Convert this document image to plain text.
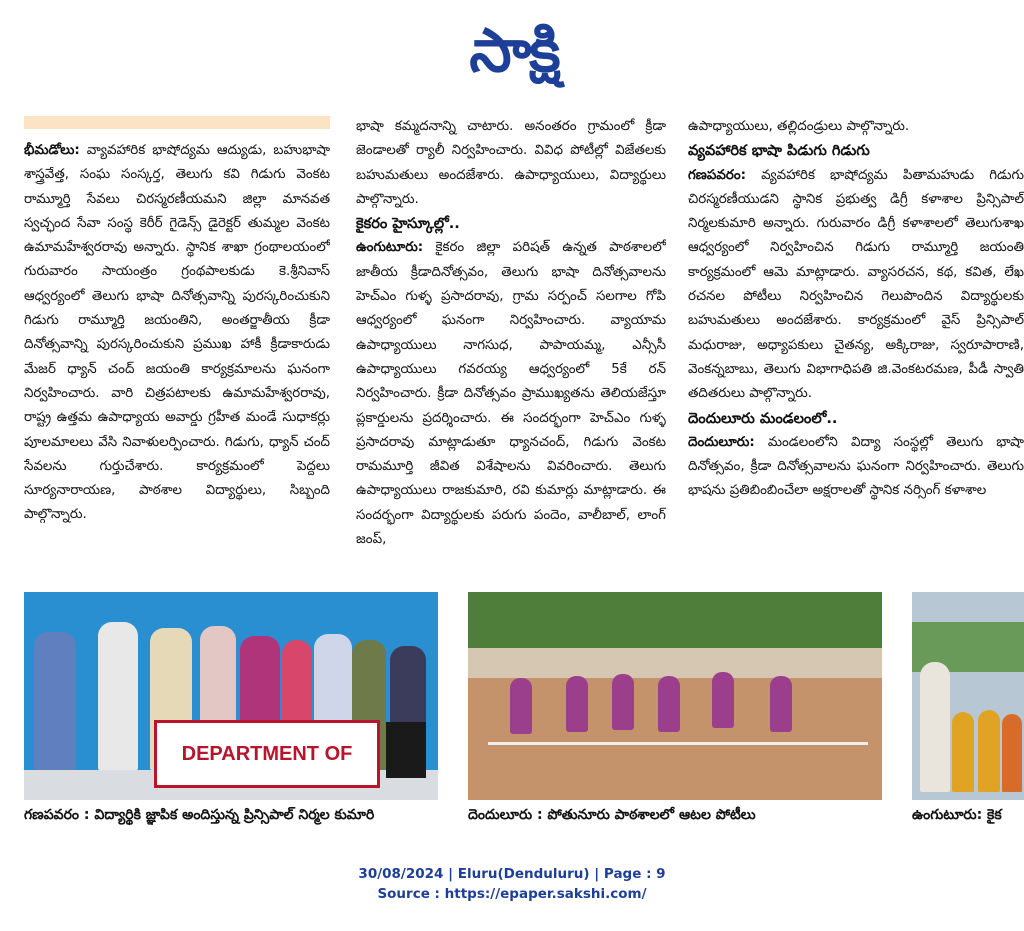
సాక్షి

భీమడోలు: వ్యావహారిక భాషోద్యమ ఆద్యుడు, బహుభాషా శాస్త్రవేత్త, సంఘ సంస్కర్త, తెలుగు కవి గిడుగు వెంకట రామ్మూర్తి సేవలు చిరస్మరణీయమని జిల్లా మానవత స్వచ్ఛంద సేవా సంస్థ కెరీర్ గైడెన్స్ డైరెక్టర్ తుమ్మల వెంకట ఉమామహేశ్వరరావు అన్నారు. స్థానిక శాఖా గ్రంథాలయంలో గురువారం సాయంత్రం గ్రంథపాలకుడు కె.శ్రీనివాస్ ఆధ్వర్యంలో తెలుగు భాషా దినోత్సవాన్ని పురస్కరించుకుని గిడుగు రామ్మూర్తి జయంతిని, అంతర్జాతీయ క్రీడా దినోత్సవాన్ని పురస్కరించుకుని ప్రముఖ హాకీ క్రీడాకారుడు మేజర్ ధ్యాన్ చంద్ జయంతి కార్యక్రమాలను ఘనంగా నిర్వహించారు. వారి చిత్రపటాలకు ఉమామహేశ్వరరావు, రాష్ట్ర ఉత్తమ ఉపాధ్యాయ అవార్డు గ్రహీత మండే సుధాకర్లు పూలమాలలు వేసి నివాళులర్పించారు. గిడుగు, ధ్యాన్ చంద్ సేవలను గుర్తుచేశారు. కార్యక్రమంలో పెద్దలు సూర్యనారాయణ, పాఠశాల విద్యార్థులు, సిబ్బంది పాల్గొన్నారు.

భాషా కమ్మదనాన్ని చాటారు. అనంతరం గ్రామంలో క్రీడా జెండాలతో ర్యాలీ నిర్వహించారు. వివిధ పోటీల్లో విజేతలకు బహుమతులు అందజేశారు. ఉపాధ్యాయులు, విద్యార్థులు పాల్గొన్నారు.

కైకరం హైస్కూల్లో..

ఉంగుటూరు: కైకరం జిల్లా పరిషత్ ఉన్నత పాఠశాలలో జాతీయ క్రీడాదినోత్సవం, తెలుగు భాషా దినోత్సవాలను హెచ్ఎం గుళ్ళ ప్రసాదరావు, గ్రామ సర్పంచ్ సలగాల గోపి ఆధ్వర్యంలో ఘనంగా నిర్వహించారు. వ్యాయామ ఉపాధ్యాయులు నాగసుధ, పాపాయమ్మ, ఎన్సీసీ ఉపాధ్యాయులు గవరయ్య ఆధ్వర్యంలో 5కే రన్ నిర్వహించారు. క్రీడా దినోత్సవం ప్రాముఖ్యతను తెలియజేస్తూ ప్లకార్డులను ప్రదర్శించారు. ఈ సందర్భంగా హెచ్ఎం గుళ్ళ ప్రసాదరావు మాట్లాడుతూ ధ్యానచంద్, గిడుగు వెంకట రామమూర్తి జీవిత విశేషాలను వివరించారు. తెలుగు ఉపాధ్యాయులు రాజకుమారి, రవి కుమార్లు మాట్లాడారు. ఈ సందర్భంగా విద్యార్థులకు పరుగు పందెం, వాలీబాల్, లాంగ్ జంప్,

ఉపాధ్యాయులు, తల్లిదండ్రులు పాల్గొన్నారు.

వ్యవహారిక భాషా పిడుగు గిడుగు

గణపవరం: వ్యవహారిక భాషోద్యమ పితామహుడు గిడుగు చిరస్మరణీయుడని స్థానిక ప్రభుత్వ డిగ్రీ కళాశాల ప్రిన్సిపాల్ నిర్మలకుమారి అన్నారు. గురువారం డిగ్రీ కళాశాలలో తెలుగుశాఖ ఆధ్వర్యంలో నిర్వహించిన గిడుగు రామ్మూర్తి జయంతి కార్యక్రమంలో ఆమె మాట్లాడారు. వ్యాసరచన, కథ, కవిత, లేఖ రచనల పోటీలు నిర్వహించిన గెలుపొందిన విద్యార్థులకు బహుమతులు అందజేశారు. కార్యక్రమంలో వైస్ ప్రిన్సిపాల్ మధురాజు, అధ్యాపకులు చైతన్య, అక్కిరాజు, స్వరూపారాణి, వెంకన్నబాబు, తెలుగు విభాగాధిపతి జి.వెంకటరమణ, పీడీ స్వాతి తదితరులు పాల్గొన్నారు.

దెందులూరు మండలంలో..

దెందులూరు: మండలంలోని విద్యా సంస్థల్లో తెలుగు భాషా దినోత్సవం, క్రీడా దినోత్సవాలను ఘనంగా నిర్వహించారు. తెలుగు భాషను ప్రతిబింబించేలా అక్షరాలతో స్థానిక నర్సింగ్ కళాశాల

DEPARTMENT OF
గణపవరం : విద్యార్థికి జ్ఞాపిక అందిస్తున్న ప్రిన్సిపాల్ నిర్మల కుమారి	దెందులూరు : పోతునూరు పాఠశాలలో ఆటల పోటీలు	ఉంగుటూరు: కైక
30/08/2024 | Eluru(Denduluru) | Page : 9
Source : https://epaper.sakshi.com/
